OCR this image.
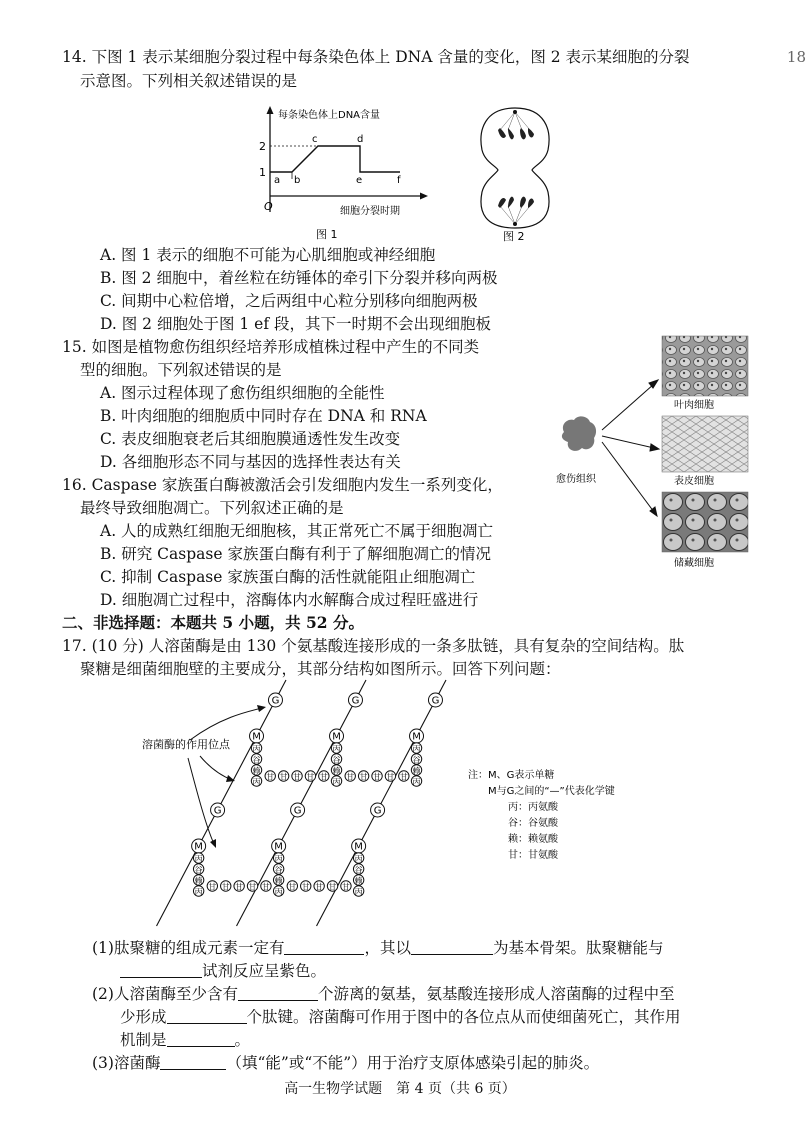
18
14. 下图 1 表示某细胞分裂过程中每条染色体上 DNA 含量的变化，图 2 表示某细胞的分裂
示意图。下列相关叙述错误的是
每条染色体上DNA含量
2
1
a b
c	d
e	f
O	细胞分裂时期
图 1	图 2
A. 图 1 表示的细胞不可能为心肌细胞或神经细胞
B. 图 2 细胞中，着丝粒在纺锤体的牵引下分裂并移向两极
C. 间期中心粒倍增，之后两组中心粒分别移向细胞两极
D. 图 2 细胞处于图 1 ef 段，其下一时期不会出现细胞板
15. 如图是植物愈伤组织经培养形成植株过程中产生的不同类
型的细胞。下列叙述错误的是
A. 图示过程体现了愈伤组织细胞的全能性
B. 叶肉细胞的细胞质中同时存在 DNA 和 RNA
C. 表皮细胞衰老后其细胞膜通透性发生改变
D. 各细胞形态不同与基因的选择性表达有关
愈伤组织
叶肉细胞
表皮细胞
储藏细胞
16. Caspase 家族蛋白酶被激活会引发细胞内发生一系列变化，
最终导致细胞凋亡。下列叙述正确的是
A. 人的成熟红细胞无细胞核，其正常死亡不属于细胞凋亡
B. 研究 Caspase 家族蛋白酶有利于了解细胞凋亡的情况
C. 抑制 Caspase 家族蛋白酶的活性就能阻止细胞凋亡
D. 细胞凋亡过程中，溶酶体内水解酶合成过程旺盛进行
二、非选择题：本题共 5 小题，共 52 分。
17. (10 分) 人溶菌酶是由 130 个氨基酸连接形成的一条多肽链，具有复杂的空间结构。肽
聚糖是细菌细胞壁的主要成分，其部分结构如图所示。回答下列问题：
G
M
丙
谷
赖
丙
甘 甘 甘 甘 甘
G
M
丙
谷
赖
丙
甘 甘 甘 甘 甘
G
M
丙
谷
赖
丙
G
M
丙
谷
赖
丙
甘 甘 甘 甘 甘
G
M
丙
谷
赖
丙
甘 甘 甘 甘 甘
G
M
丙
谷
赖
丙
溶菌酶的作用位点
注：M、G表示单糖
M与G之间的“—”代表化学键
丙：丙氨酸
谷：谷氨酸
赖：赖氨酸
甘：甘氨酸
(1)肽聚糖的组成元素一定有	，其以	为基本骨架。肽聚糖能与
试剂反应呈紫色。
(2)人溶菌酶至少含有	个游离的氨基，氨基酸连接形成人溶菌酶的过程中至
少形成	个肽键。溶菌酶可作用于图中的各位点从而使细菌死亡，其作用
机制是	。
(3)溶菌酶	（填“能”或“不能”）用于治疗支原体感染引起的肺炎。
高一生物学试题　第 4 页（共 6 页）
